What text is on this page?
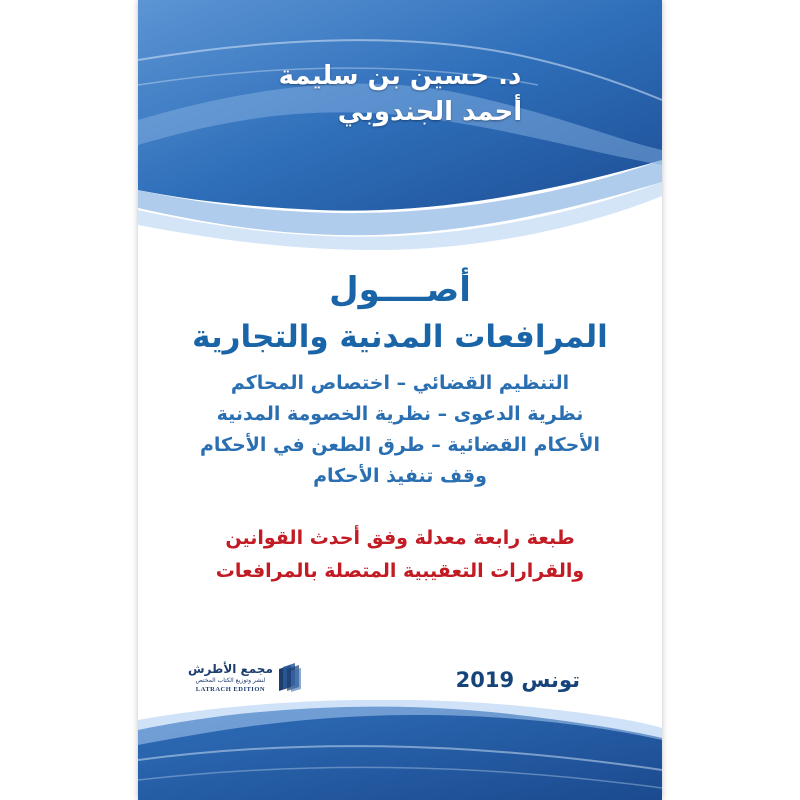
د. حسين بن سليمة
أحمد الجندوبي
أصــــول
المرافعات المدنية والتجارية
التنظيم القضائي – اختصاص المحاكم
نظرية الدعوى – نظرية الخصومة المدنية
الأحكام القضائية – طرق الطعن في الأحكام
وقف تنفيذ الأحكام
طبعة رابعة معدلة وفق أحدث القوانين
والقرارات التعقيبية المتصلة بالمرافعات
تونس 2019
مجمع الأطرش
لنشر وتوزيع الكتاب المختص
LATRACH EDITION
